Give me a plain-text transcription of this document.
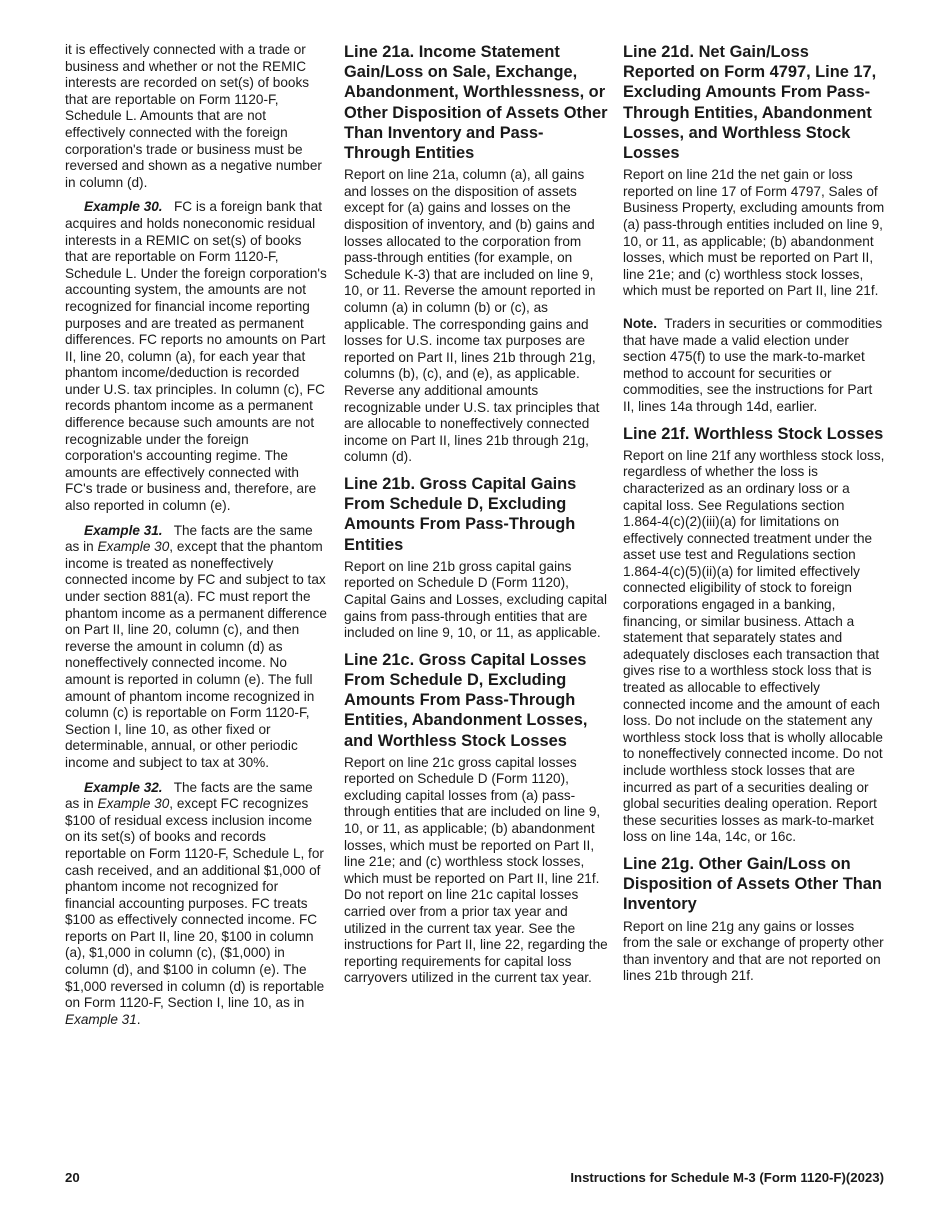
it is effectively connected with a trade or business and whether or not the REMIC interests are recorded on set(s) of books that are reportable on Form 1120-F, Schedule L. Amounts that are not effectively connected with the foreign corporation's trade or business must be reversed and shown as a negative number in column (d).

Example 30. FC is a foreign bank that acquires and holds noneconomic residual interests in a REMIC on set(s) of books that are reportable on Form 1120-F, Schedule L. Under the foreign corporation's accounting system, the amounts are not recognized for financial income reporting purposes and are treated as permanent differences. FC reports no amounts on Part II, line 20, column (a), for each year that phantom income/deduction is recorded under U.S. tax principles. In column (c), FC records phantom income as a permanent difference because such amounts are not recognizable under the foreign corporation's accounting regime. The amounts are effectively connected with FC's trade or business and, therefore, are also reported in column (e).

Example 31. The facts are the same as in Example 30, except that the phantom income is treated as noneffectively connected income by FC and subject to tax under section 881(a). FC must report the phantom income as a permanent difference on Part II, line 20, column (c), and then reverse the amount in column (d) as noneffectively connected income. No amount is reported in column (e). The full amount of phantom income recognized in column (c) is reportable on Form 1120-F, Section I, line 10, as other fixed or determinable, annual, or other periodic income and subject to tax at 30%.

Example 32. The facts are the same as in Example 30, except FC recognizes $100 of residual excess inclusion income on its set(s) of books and records reportable on Form 1120-F, Schedule L, for cash received, and an additional $1,000 of phantom income not recognized for financial accounting purposes. FC treats $100 as effectively connected income. FC reports on Part II, line 20, $100 in column (a), $1,000 in column (c), ($1,000) in column (d), and $100 in column (e). The $1,000 reversed in column (d) is reportable on Form 1120-F, Section I, line 10, as in Example 31.

Line 21a. Income Statement Gain/Loss on Sale, Exchange, Abandonment, Worthlessness, or Other Disposition of Assets Other Than Inventory and Pass-Through Entities

Report on line 21a, column (a), all gains and losses on the disposition of assets except for (a) gains and losses on the disposition of inventory, and (b) gains and losses allocated to the corporation from pass-through entities (for example, on Schedule K-3) that are included on line 9, 10, or 11. Reverse the amount reported in column (a) in column (b) or (c), as applicable. The corresponding gains and losses for U.S. income tax purposes are reported on Part II, lines 21b through 21g, columns (b), (c), and (e), as applicable. Reverse any additional amounts recognizable under U.S. tax principles that are allocable to noneffectively connected income on Part II, lines 21b through 21g, column (d).

Line 21b. Gross Capital Gains From Schedule D, Excluding Amounts From Pass-Through Entities

Report on line 21b gross capital gains reported on Schedule D (Form 1120), Capital Gains and Losses, excluding capital gains from pass-through entities that are included on line 9, 10, or 11, as applicable.

Line 21c. Gross Capital Losses From Schedule D, Excluding Amounts From Pass-Through Entities, Abandonment Losses, and Worthless Stock Losses

Report on line 21c gross capital losses reported on Schedule D (Form 1120), excluding capital losses from (a) pass-through entities that are included on line 9, 10, or 11, as applicable; (b) abandonment losses, which must be reported on Part II, line 21e; and (c) worthless stock losses, which must be reported on Part II, line 21f. Do not report on line 21c capital losses carried over from a prior tax year and utilized in the current tax year. See the instructions for Part II, line 22, regarding the reporting requirements for capital loss carryovers utilized in the current tax year.

Line 21d. Net Gain/Loss Reported on Form 4797, Line 17, Excluding Amounts From Pass-Through Entities, Abandonment Losses, and Worthless Stock Losses

Report on line 21d the net gain or loss reported on line 17 of Form 4797, Sales of Business Property, excluding amounts from (a) pass-through entities included on line 9, 10, or 11, as applicable; (b) abandonment losses, which must be reported on Part II, line 21e; and (c) worthless stock losses, which must be reported on Part II, line 21f.

Note. Traders in securities or commodities that have made a valid election under section 475(f) to use the mark-to-market method to account for securities or commodities, see the instructions for Part II, lines 14a through 14d, earlier.

Line 21f. Worthless Stock Losses

Report on line 21f any worthless stock loss, regardless of whether the loss is characterized as an ordinary loss or a capital loss. See Regulations section 1.864-4(c)(2)(iii)(a) for limitations on effectively connected treatment under the asset use test and Regulations section 1.864-4(c)(5)(ii)(a) for limited effectively connected eligibility of stock to foreign corporations engaged in a banking, financing, or similar business. Attach a statement that separately states and adequately discloses each transaction that gives rise to a worthless stock loss that is treated as allocable to effectively connected income and the amount of each loss. Do not include on the statement any worthless stock loss that is wholly allocable to noneffectively connected income. Do not include worthless stock losses that are incurred as part of a securities dealing or global securities dealing operation. Report these securities losses as mark-to-market loss on line 14a, 14c, or 16c.

Line 21g. Other Gain/Loss on Disposition of Assets Other Than Inventory

Report on line 21g any gains or losses from the sale or exchange of property other than inventory and that are not reported on lines 21b through 21f.

20	Instructions for Schedule M-3 (Form 1120-F)(2023)
